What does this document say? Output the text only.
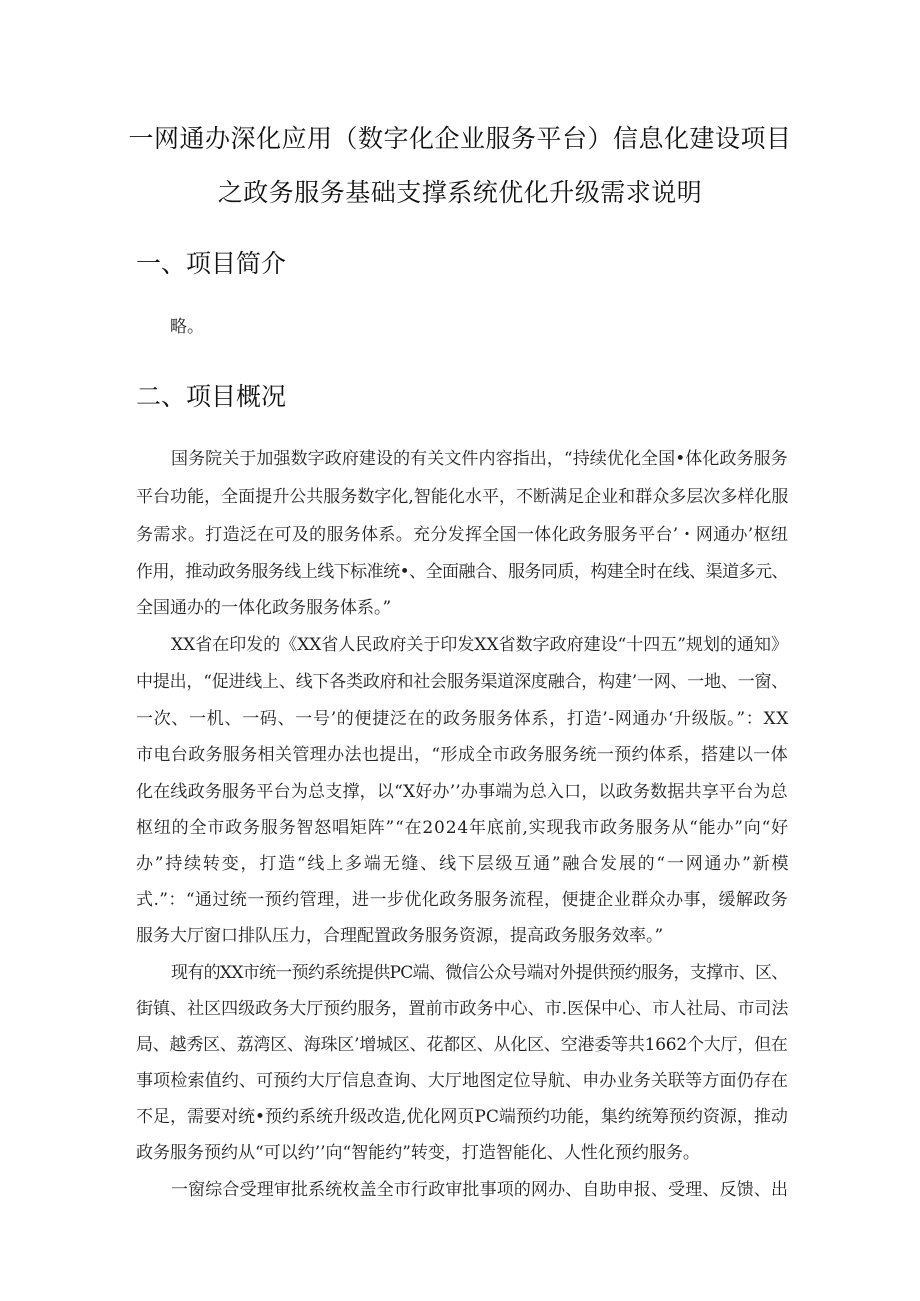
一网通办深化应用（数字化企业服务平台）信息化建设项目
之政务服务基础支撑系统优化升级需求说明
一、项目简介
略。
二、项目概况
国务院关于加强数字政府建设的有关文件内容指出，“持续优化全国•体化政务服务
平台功能，全面提升公共服务数字化,智能化水平，不断满足企业和群众多层次多样化服
务需求。打造泛在可及的服务体系。充分发挥全国一体化政务服务平台’・网通办’枢纽
作用，推动政务服务线上线下标准统•、全面融合、服务同质，构建全时在线、渠道多元、
全国通办的一体化政务服务体系。”
XX省在印发的《XX省人民政府关于印发XX省数字政府建设“十四五”规划的通知》
中提出，“促进线上、线下各类政府和社会服务渠道深度融合，构建’一网、一地、一窗、
一次、一机、一码、一号’的便捷泛在的政务服务体系，打造’-网通办‘升级版。”：XX
市电台政务服务相关管理办法也提出，“形成全市政务服务统一预约体系，搭建以一体
化在线政务服务平台为总支撑，以“X好办’’办事端为总入口，以政务数据共享平台为总
枢纽的全市政务服务智怒唱矩阵”“在2024年底前,实现我市政务服务从“能办”向“好
办”持续转变，打造“线上多端无缝、线下层级互通”融合发展的“一网通办”新模
式.”：“通过统一预约管理，进一步优化政务服务流程，便捷企业群众办事，缓解政务
服务大厅窗口排队压力，合理配置政务服务资源，提高政务服务效率。”
现有的XX市统一预约系统提供PC端、微信公众号端对外提供预约服务，支撑市、区、
街镇、社区四级政务大厅预约服务，置前市政务中心、市.医保中心、市人社局、市司法
局、越秀区、荔湾区、海珠区’增城区、花都区、从化区、空港委等共1662个大厅，但在
事项检索值约、可预约大厅信息查询、大厅地图定位导航、申办业务关联等方面仍存在
不足，需要对统•预约系统升级改造,优化网页PC端预约功能，集约统筹预约资源，推动
政务服务预约从“可以约’’向“智能约”转变，打造智能化、人性化预约服务。
一窗综合受理审批系统枚盖全市行政审批事项的网办、自助申报、受理、反馈、出
